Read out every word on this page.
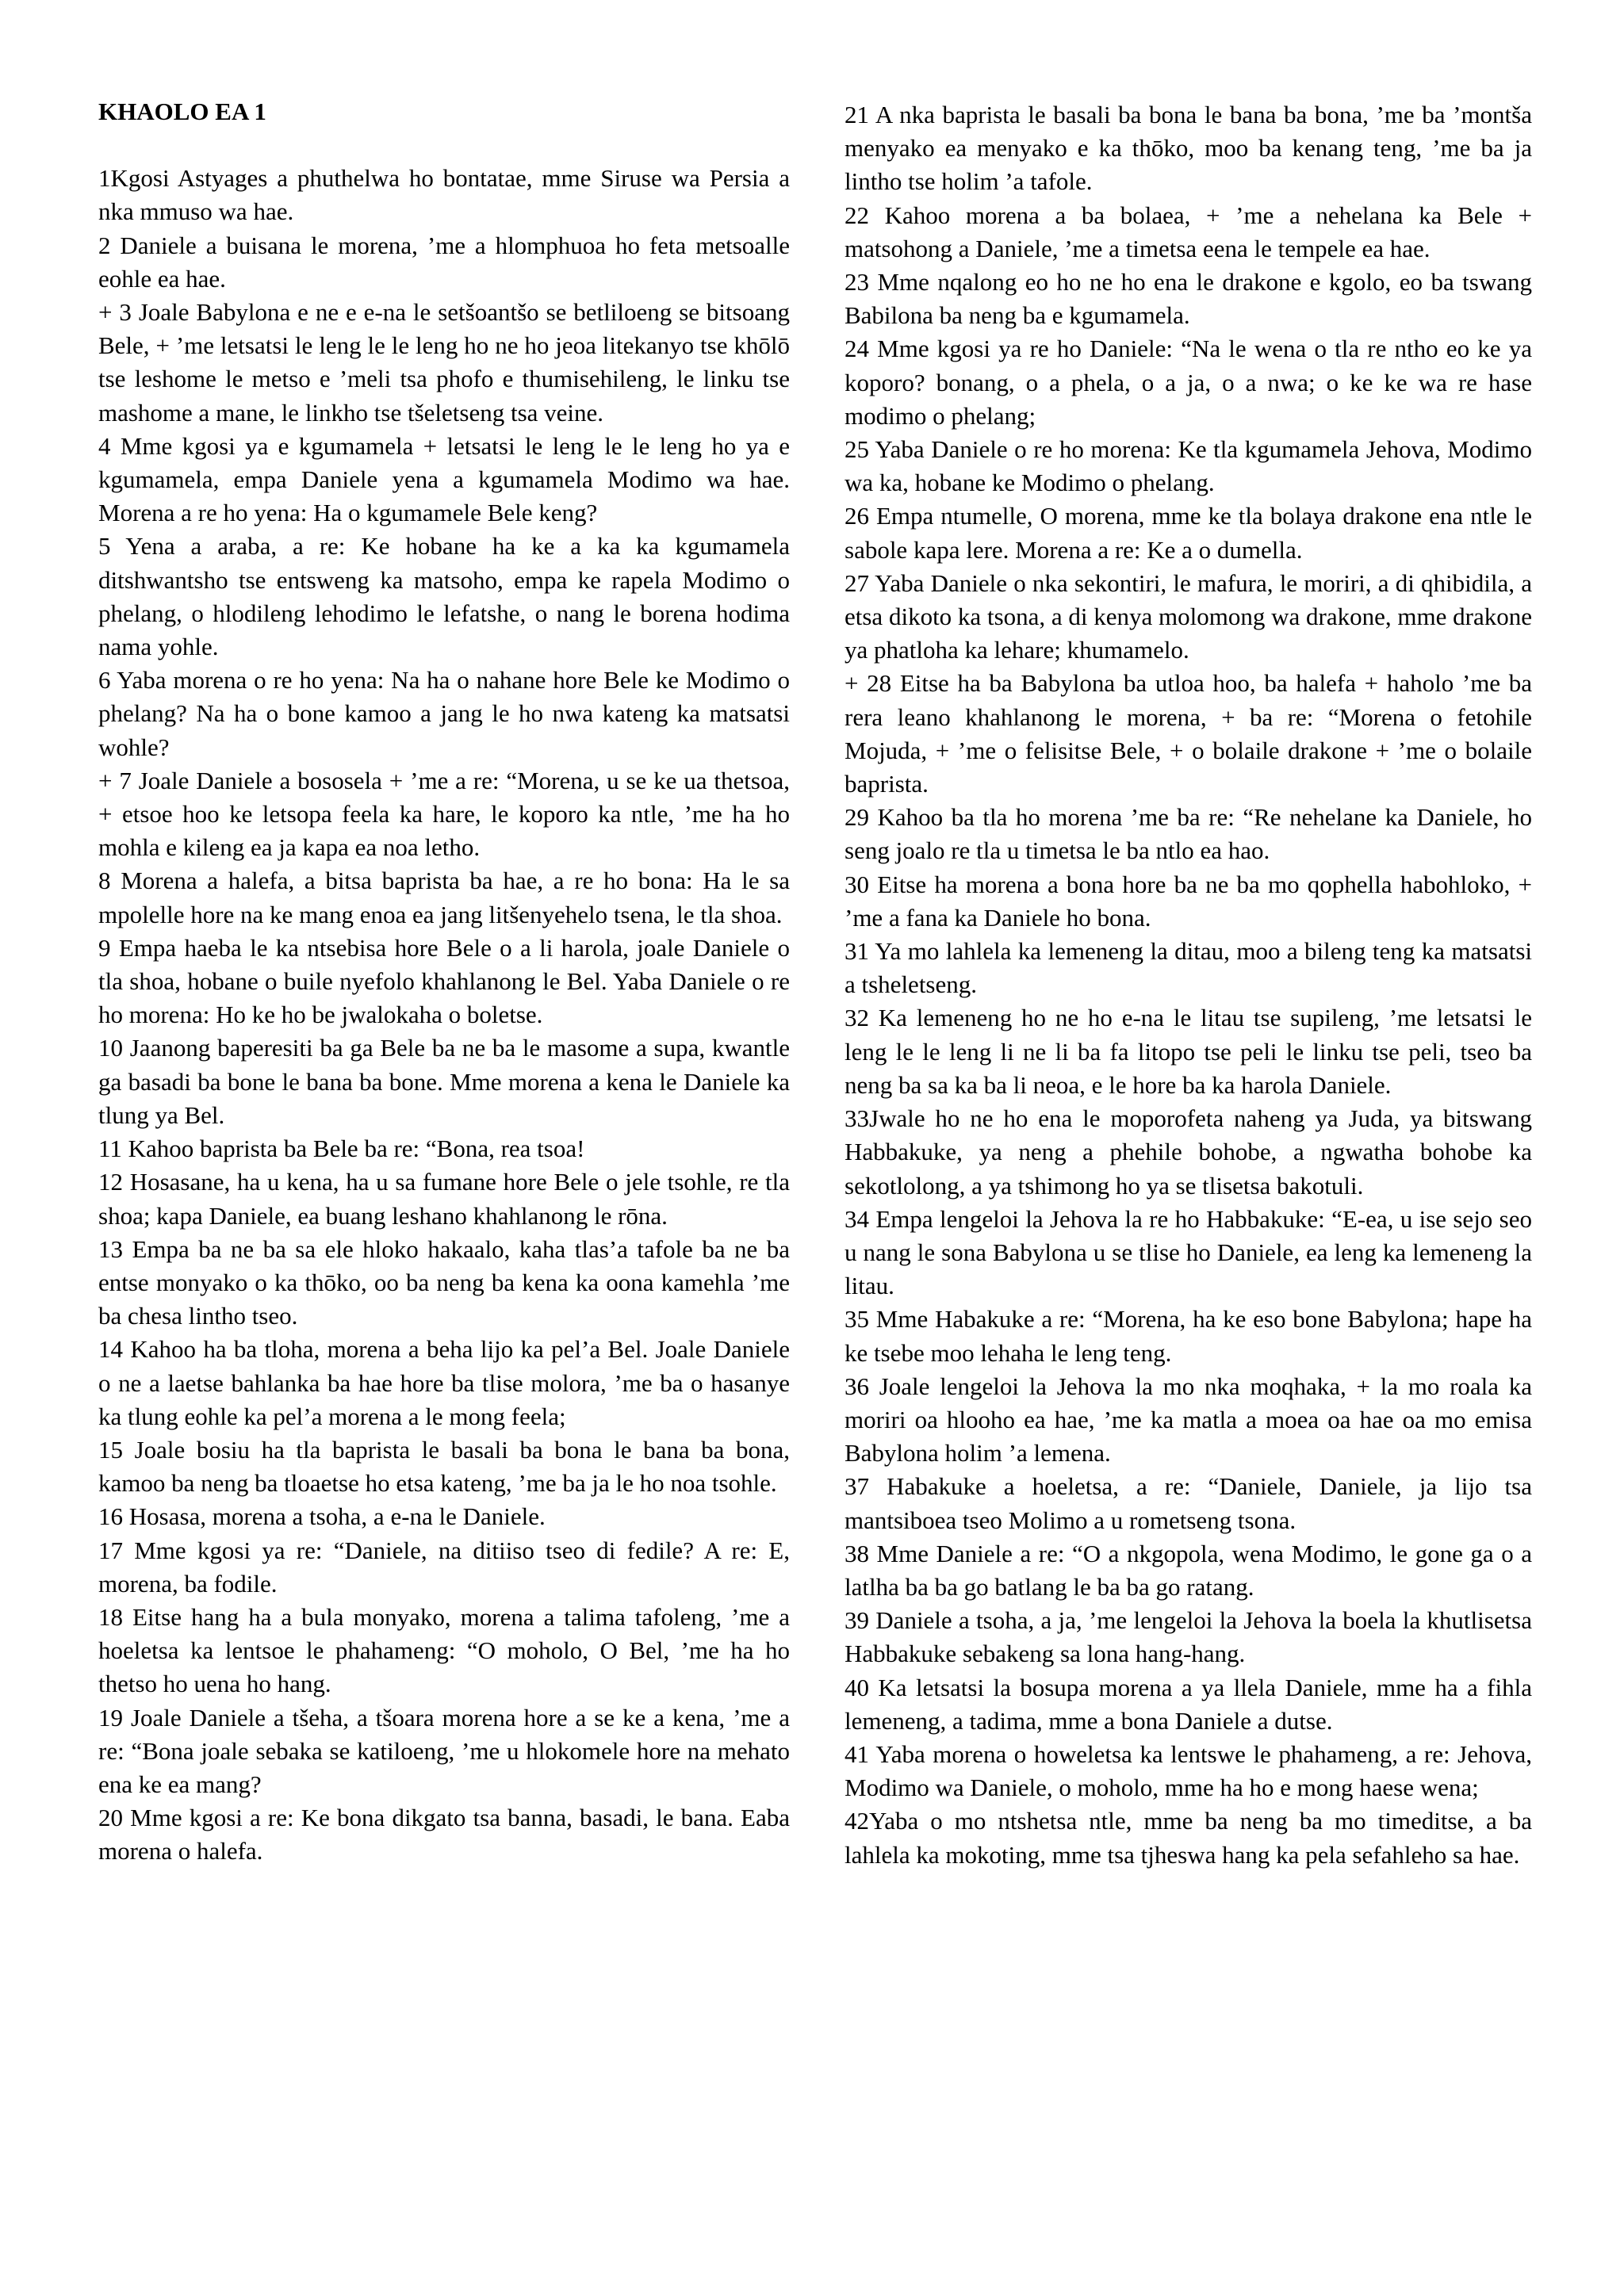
KHAOLO EA 1

1Kgosi Astyages a phuthelwa ho bontatae, mme Siruse wa Persia a nka mmuso wa hae.

2 Daniele a buisana le morena, ’me a hlomphuoa ho feta metsoalle eohle ea hae.

+ 3 Joale Babylona e ne e e-na le setšoantšo se betliloeng se bitsoang Bele, + ’me letsatsi le leng le le leng ho ne ho jeoa litekanyo tse khōlō tse leshome le metso e ’meli tsa phofo e thumisehileng, le linku tse mashome a mane, le linkho tse tšeletseng tsa veine.

4 Mme kgosi ya e kgumamela + letsatsi le leng le le leng ho ya e kgumamela, empa Daniele yena a kgumamela Modimo wa hae. Morena a re ho yena: Ha o kgumamele Bele keng?

5 Yena a araba, a re: Ke hobane ha ke a ka ka kgumamela ditshwantsho tse entsweng ka matsoho, empa ke rapela Modimo o phelang, o hlodileng lehodimo le lefatshe, o nang le borena hodima nama yohle.

6 Yaba morena o re ho yena: Na ha o nahane hore Bele ke Modimo o phelang? Na ha o bone kamoo a jang le ho nwa kateng ka matsatsi wohle?

+ 7 Joale Daniele a bososela + ’me a re: “Morena, u se ke ua thetsoa, + etsoe hoo ke letsopa feela ka hare, le koporo ka ntle, ’me ha ho mohla e kileng ea ja kapa ea noa letho.

8 Morena a halefa, a bitsa baprista ba hae, a re ho bona: Ha le sa mpolelle hore na ke mang enoa ea jang litšenyehelo tsena, le tla shoa.

9 Empa haeba le ka ntsebisa hore Bele o a li harola, joale Daniele o tla shoa, hobane o buile nyefolo khahlanong le Bel. Yaba Daniele o re ho morena: Ho ke ho be jwalokaha o boletse.

10 Jaanong baperesiti ba ga Bele ba ne ba le masome a supa, kwantle ga basadi ba bone le bana ba bone. Mme morena a kena le Daniele ka tlung ya Bel.

11 Kahoo baprista ba Bele ba re: “Bona, rea tsoa!

12 Hosasane, ha u kena, ha u sa fumane hore Bele o jele tsohle, re tla shoa; kapa Daniele, ea buang leshano khahlanong le rōna.

13 Empa ba ne ba sa ele hloko hakaalo, kaha tlas’a tafole ba ne ba entse monyako o ka thōko, oo ba neng ba kena ka oona kamehla ’me ba chesa lintho tseo.

14 Kahoo ha ba tloha, morena a beha lijo ka pel’a Bel. Joale Daniele o ne a laetse bahlanka ba hae hore ba tlise molora, ’me ba o hasanye ka tlung eohle ka pel’a morena a le mong feela;

15 Joale bosiu ha tla baprista le basali ba bona le bana ba bona, kamoo ba neng ba tloaetse ho etsa kateng, ’me ba ja le ho noa tsohle.

16 Hosasa, morena a tsoha, a e-na le Daniele.

17 Mme kgosi ya re: “Daniele, na ditiiso tseo di fedile? A re: E, morena, ba fodile.

18 Eitse hang ha a bula monyako, morena a talima tafoleng, ’me a hoeletsa ka lentsoe le phahameng: “O moholo, O Bel, ’me ha ho thetso ho uena ho hang.

19 Joale Daniele a tšeha, a tšoara morena hore a se ke a kena, ’me a re: “Bona joale sebaka se katiloeng, ’me u hlokomele hore na mehato ena ke ea mang?

20 Mme kgosi a re: Ke bona dikgato tsa banna, basadi, le bana. Eaba morena o halefa.

21 A nka baprista le basali ba bona le bana ba bona, ’me ba ’montša menyako ea menyako e ka thōko, moo ba kenang teng, ’me ba ja lintho tse holim ’a tafole.

22 Kahoo morena a ba bolaea, + ’me a nehelana ka Bele + matsohong a Daniele, ’me a timetsa eena le tempele ea hae.

23 Mme nqalong eo ho ne ho ena le drakone e kgolo, eo ba tswang Babilona ba neng ba e kgumamela.

24 Mme kgosi ya re ho Daniele: “Na le wena o tla re ntho eo ke ya koporo? bonang, o a phela, o a ja, o a nwa; o ke ke wa re hase modimo o phelang;

25 Yaba Daniele o re ho morena: Ke tla kgumamela Jehova, Modimo wa ka, hobane ke Modimo o phelang.

26 Empa ntumelle, O morena, mme ke tla bolaya drakone ena ntle le sabole kapa lere. Morena a re: Ke a o dumella.

27 Yaba Daniele o nka sekontiri, le mafura, le moriri, a di qhibidila, a etsa dikoto ka tsona, a di kenya molomong wa drakone, mme drakone ya phatloha ka lehare; khumamelo.

+ 28 Eitse ha ba Babylona ba utloa hoo, ba halefa + haholo ’me ba rera leano khahlanong le morena, + ba re: “Morena o fetohile Mojuda, + ’me o felisitse Bele, + o bolaile drakone + ’me o bolaile baprista.

29 Kahoo ba tla ho morena ’me ba re: “Re nehelane ka Daniele, ho seng joalo re tla u timetsa le ba ntlo ea hao.

30 Eitse ha morena a bona hore ba ne ba mo qophella habohloko, + ’me a fana ka Daniele ho bona.

31 Ya mo lahlela ka lemeneng la ditau, moo a bileng teng ka matsatsi a tsheletseng.

32 Ka lemeneng ho ne ho e-na le litau tse supileng, ’me letsatsi le leng le le leng li ne li ba fa litopo tse peli le linku tse peli, tseo ba neng ba sa ka ba li neoa, e le hore ba ka harola Daniele.

33Jwale ho ne ho ena le moporofeta naheng ya Juda, ya bitswang Habbakuke, ya neng a phehile bohobe, a ngwatha bohobe ka sekotlolong, a ya tshimong ho ya se tlisetsa bakotuli.

34 Empa lengeloi la Jehova la re ho Habbakuke: “E-ea, u ise sejo seo u nang le sona Babylona u se tlise ho Daniele, ea leng ka lemeneng la litau.

35 Mme Habakuke a re: “Morena, ha ke eso bone Babylona; hape ha ke tsebe moo lehaha le leng teng.

36 Joale lengeloi la Jehova la mo nka moqhaka, + la mo roala ka moriri oa hlooho ea hae, ’me ka matla a moea oa hae oa mo emisa Babylona holim ’a lemena.

37 Habakuke a hoeletsa, a re: “Daniele, Daniele, ja lijo tsa mantsiboea tseo Molimo a u rometseng tsona.

38 Mme Daniele a re: “O a nkgopola, wena Modimo, le gone ga o a latlha ba ba go batlang le ba ba go ratang.

39 Daniele a tsoha, a ja, ’me lengeloi la Jehova la boela la khutlisetsa Habbakuke sebakeng sa lona hang-hang.

40 Ka letsatsi la bosupa morena a ya llela Daniele, mme ha a fihla lemeneng, a tadima, mme a bona Daniele a dutse.

41 Yaba morena o howeletsa ka lentswe le phahameng, a re: Jehova, Modimo wa Daniele, o moholo, mme ha ho e mong haese wena;

42Yaba o mo ntshetsa ntle, mme ba neng ba mo timeditse, a ba lahlela ka mokoting, mme tsa tjheswa hang ka pela sefahleho sa hae.
